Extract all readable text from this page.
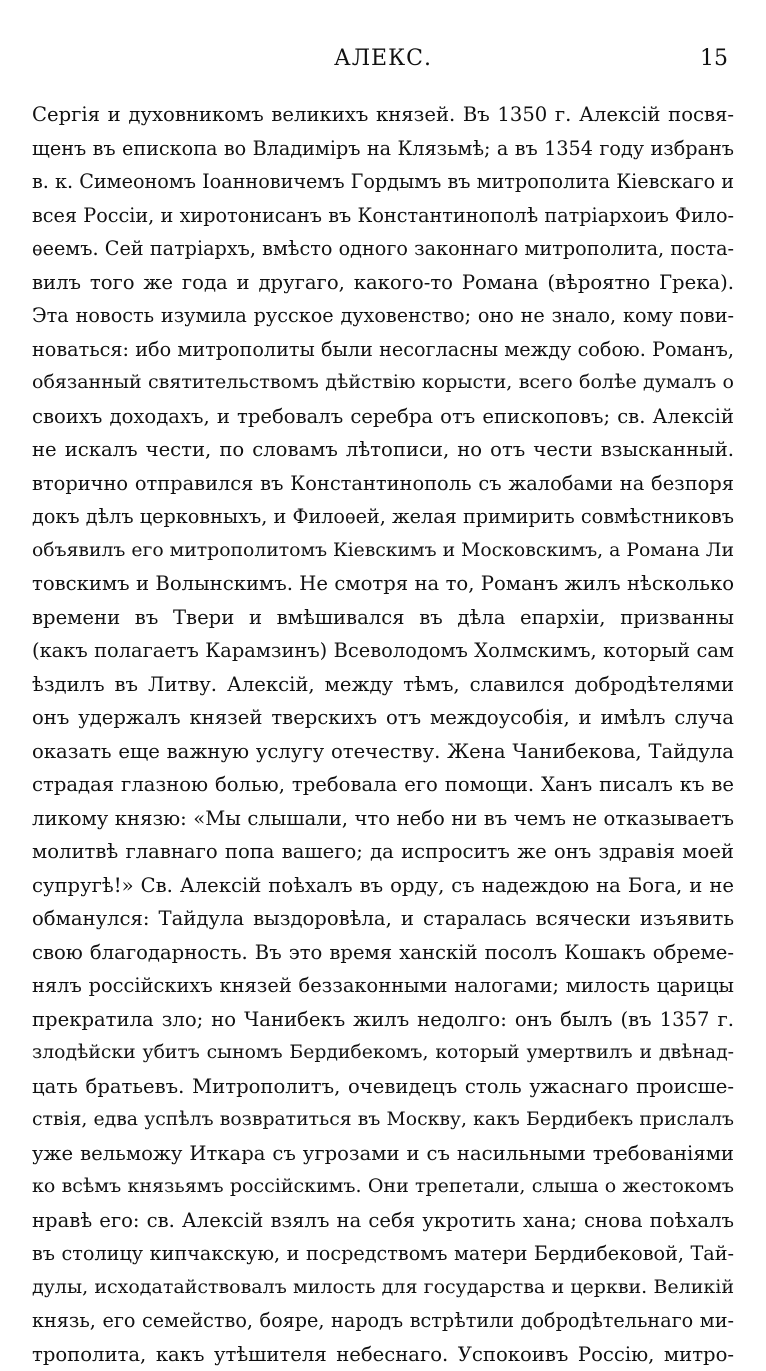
АЛЕКС.	15
Сергія и духовникомъ великихъ князей. Въ 1350 г. Алексій посвя-
щенъ въ епископа во Владиміръ на Клязьмѣ; а въ 1354 году избранъ
в. к. Симеономъ Іоанновичемъ Гордымъ въ митрополита Кіевскаго и
всея Россіи, и хиротонисанъ въ Константинополѣ патріархоиъ Фило-
ѳеемъ. Сей патріархъ, вмѣсто одного законнаго митрополита, поста-
вилъ того же года и другаго, какого-то Романа (вѣроятно Грека).
Эта новость изумила русское духовенство; оно не знало, кому пови-
новаться: ибо митрополиты были несогласны между собою. Романъ,
обязанный святительствомъ дѣйствію корысти, всего болѣе думалъ о
своихъ доходахъ, и требовалъ серебра отъ епископовъ; св. Алексій
не искалъ чести, по словамъ лѣтописи, но отъ чести взысканный.
вторично отправился въ Константинополь съ жалобами на безпоря
докъ дѣлъ церковныхъ, и Филоѳей, желая примирить совмѣстниковъ
объявилъ его митрополитомъ Кіевскимъ и Московскимъ, а Романа Ли
товскимъ и Волынскимъ. Не смотря на то, Романъ жилъ нѣсколько
времени въ Твери и вмѣшивался въ дѣла епархіи, призванны
(какъ полагаетъ Карамзинъ) Всеволодомъ Холмскимъ, который сам
ѣздилъ въ Литву. Алексій, между тѣмъ, славился добродѣтелями
онъ удержалъ князей тверскихъ отъ междоусобія, и имѣлъ случа
оказать еще важную услугу отечеству. Жена Чанибекова, Тайдула
страдая глазною болью, требовала его помощи. Ханъ писалъ къ ве
ликому князю: «Мы слышали, что небо ни въ чемъ не отказываетъ
молитвѣ главнаго попа вашего; да испроситъ же онъ здравія моей
супругѣ!» Св. Алексій поѣхалъ въ орду, съ надеждою на Бога, и не
обманулся: Тайдула выздоровѣла, и старалась всячески изъявить
свою благодарность. Въ это время ханскій посолъ Кошакъ обреме-
нялъ россійскихъ князей беззаконными налогами; милость царицы
прекратила зло; но Чанибекъ жилъ недолго: онъ былъ (въ 1357 г.
злодѣйски убитъ сыномъ Бердибекомъ, который умертвилъ и двѣнад-
цать братьевъ. Митрополитъ, очевидецъ столь ужаснаго происше-
ствія, едва успѣлъ возвратиться въ Москву, какъ Бердибекъ прислалъ
уже вельможу Иткара съ угрозами и съ насильными требованіями
ко всѣмъ князьямъ россійскимъ. Они трепетали, слыша о жестокомъ
нравѣ его: св. Алексій взялъ на себя укротить хана; снова поѣхалъ
въ столицу кипчакскую, и посредствомъ матери Бердибековой, Тай-
дулы, исходатайствовалъ милость для государства и церкви. Великій
князь, его семейство, бояре, народъ встрѣтили добродѣтельнаго ми-
трополита, какъ утѣшителя небеснаго. Успокоивъ Россію, митро-
